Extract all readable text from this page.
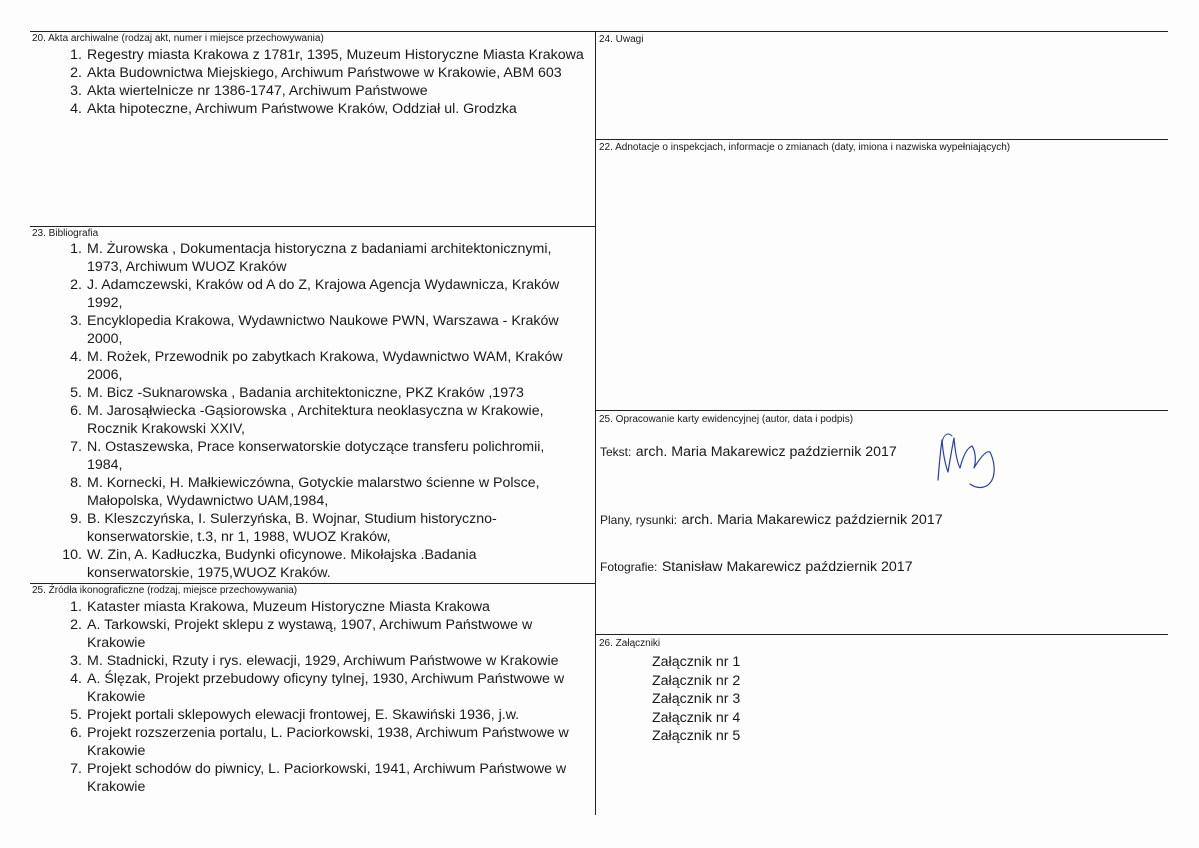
20. Akta archiwalne (rodzaj akt, numer i miejsce przechowywania)
1. Regestry miasta Krakowa z 1781r, 1395, Muzeum Historyczne Miasta Krakowa
2. Akta Budownictwa Miejskiego, Archiwum Państwowe w Krakowie, ABM 603
3. Akta wiertelnicze nr 1386-1747, Archiwum Państwowe
4. Akta hipoteczne, Archiwum Państwowe Kraków, Oddział ul. Grodzka
23. Bibliografia
1. M. Żurowska , Dokumentacja historyczna z badaniami architektonicznymi, 1973, Archiwum WUOZ Kraków
2. J. Adamczewski, Kraków od A do Z, Krajowa Agencja Wydawnicza, Kraków 1992,
3. Encyklopedia Krakowa, Wydawnictwo Naukowe PWN, Warszawa - Kraków 2000,
4. M. Rożek, Przewodnik po zabytkach Krakowa, Wydawnictwo WAM, Kraków 2006,
5. M. Bicz -Suknarowska , Badania architektoniczne, PKZ Kraków ,1973
6. M. Jarosąłwiecka -Gąsiorowska , Architektura neoklasyczna w Krakowie, Rocznik Krakowski XXIV,
7. N. Ostaszewska, Prace konserwatorskie dotyczące transferu polichromii, 1984,
8. M. Kornecki, H. Małkiewiczówna, Gotyckie malarstwo ścienne w Polsce, Małopolska, Wydawnictwo UAM,1984,
9. B. Kleszczyńska, I. Sulerzyńska, B. Wojnar, Studium historyczno-konserwatorskie, t.3, nr 1, 1988, WUOZ Kraków,
10. W. Zin, A. Kadłuczka, Budynki oficynowe. Mikołajska .Badania konserwatorskie, 1975,WUOZ Kraków.
25. Źródła ikonograficzne (rodzaj, miejsce przechowywania)
1. Kataster miasta Krakowa, Muzeum Historyczne Miasta Krakowa
2. A. Tarkowski, Projekt sklepu z wystawą, 1907, Archiwum Państwowe w Krakowie
3. M. Stadnicki, Rzuty i rys. elewacji, 1929, Archiwum Państwowe w Krakowie
4. A. Ślęzak, Projekt przebudowy oficyny tylnej, 1930, Archiwum Państwowe w Krakowie
5. Projekt portali sklepowych elewacji frontowej, E. Skawiński 1936, j.w.
6. Projekt rozszerzenia portalu, L. Paciorkowski, 1938, Archiwum Państwowe w Krakowie
7. Projekt schodów do piwnicy, L. Paciorkowski, 1941, Archiwum Państwowe w Krakowie
24. Uwagi
22. Adnotacje o inspekcjach, informacje o zmianach (daty, imiona i nazwiska wypełniających)
25. Opracowanie karty ewidencyjnej (autor, data i podpis)
Tekst: arch. Maria Makarewicz październik 2017
Plany, rysunki: arch. Maria Makarewicz październik 2017
Fotografie: Stanisław Makarewicz październik 2017
26. Załączniki
Załącznik nr 1
Załącznik nr 2
Załącznik nr 3
Załącznik nr 4
Załącznik nr 5
